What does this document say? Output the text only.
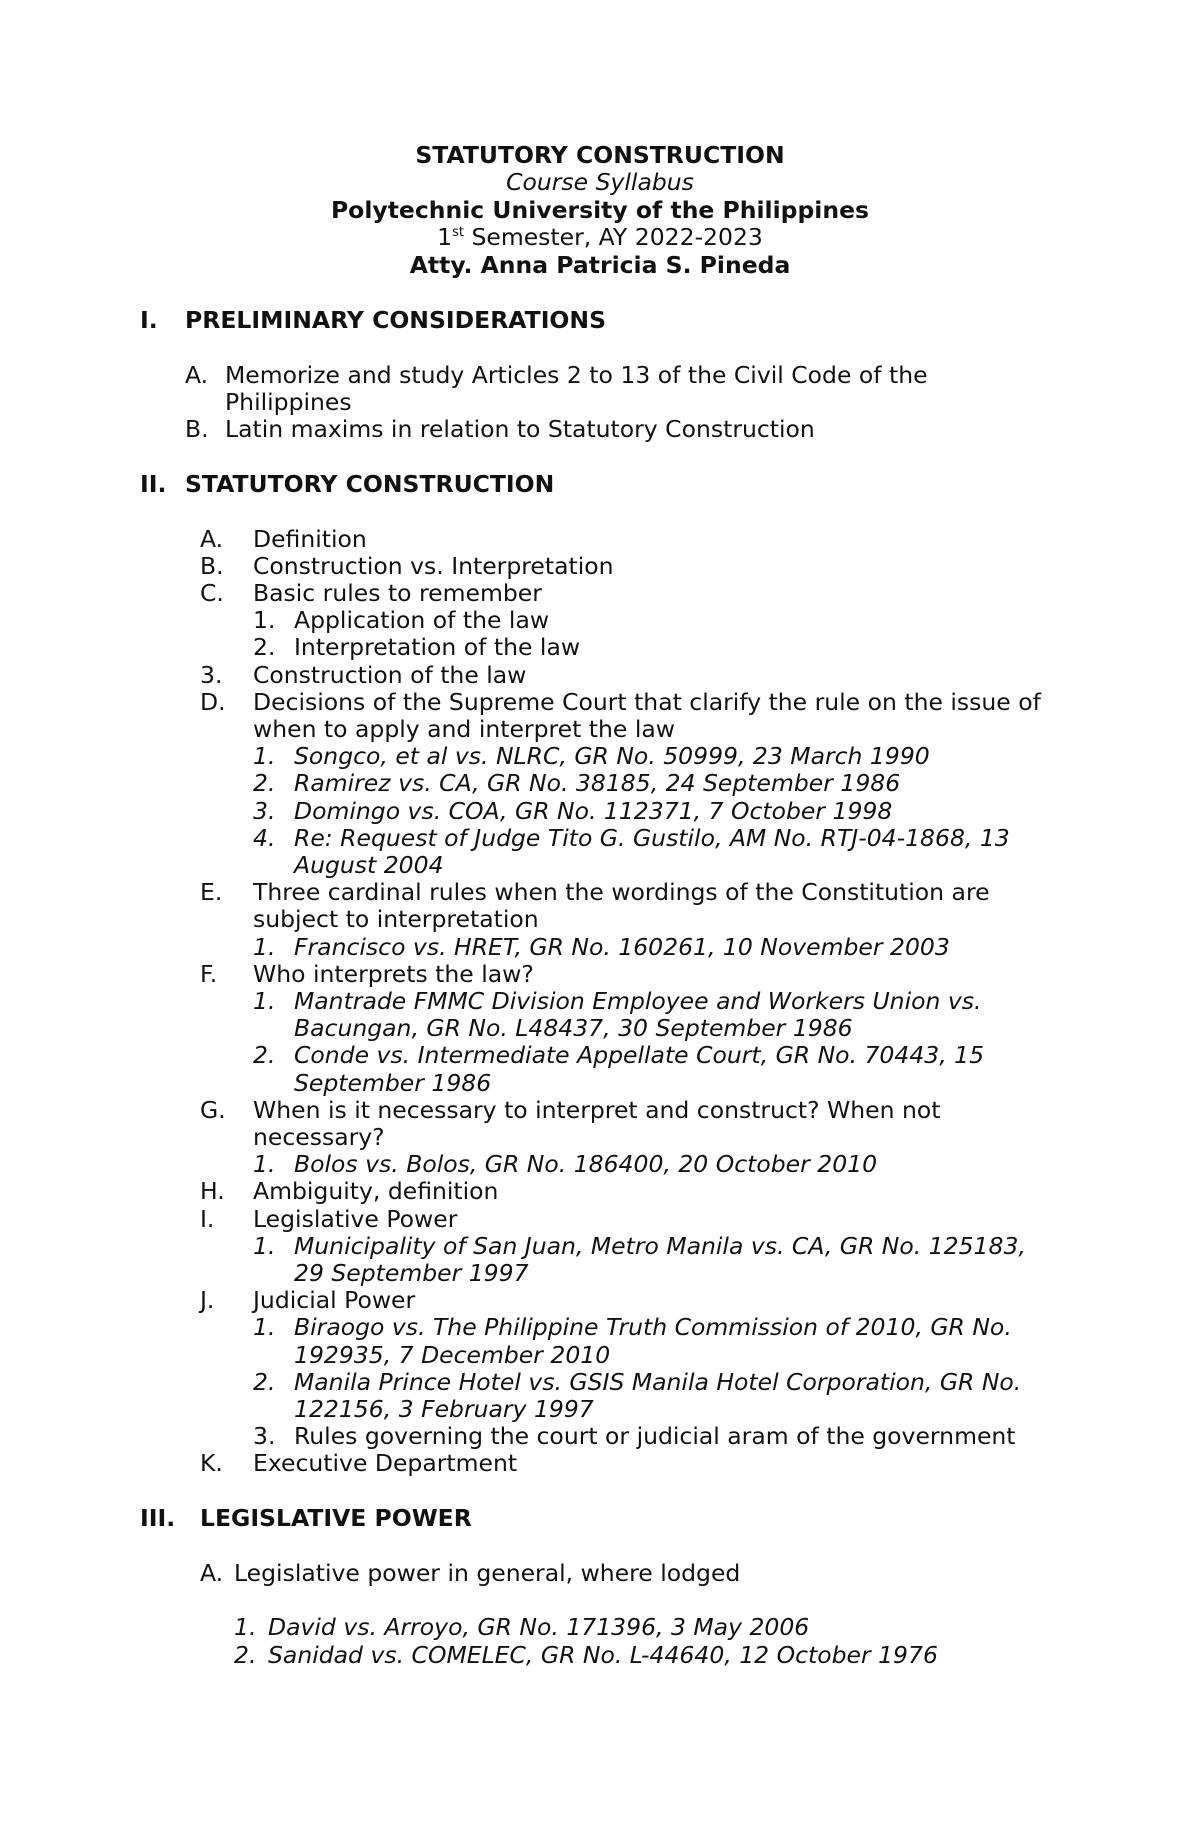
STATUTORY CONSTRUCTION
Course Syllabus
Polytechnic University of the Philippines
1st Semester, AY 2022-2023
Atty. Anna Patricia S. Pineda
I. PRELIMINARY CONSIDERATIONS
A. Memorize and study Articles 2 to 13 of the Civil Code of the
Philippines
B. Latin maxims in relation to Statutory Construction
II. STATUTORY CONSTRUCTION
A. Definition
B. Construction vs. Interpretation
C. Basic rules to remember
1. Application of the law
2. Interpretation of the law
3. Construction of the law
D. Decisions of the Supreme Court that clarify the rule on the issue of
when to apply and interpret the law
1. Songco, et al vs. NLRC, GR No. 50999, 23 March 1990
2. Ramirez vs. CA, GR No. 38185, 24 September 1986
3. Domingo vs. COA, GR No. 112371, 7 October 1998
4. Re: Request of Judge Tito G. Gustilo, AM No. RTJ-04-1868, 13
August 2004
E. Three cardinal rules when the wordings of the Constitution are
subject to interpretation
1. Francisco vs. HRET, GR No. 160261, 10 November 2003
F. Who interprets the law?
1. Mantrade FMMC Division Employee and Workers Union vs.
Bacungan, GR No. L48437, 30 September 1986
2. Conde vs. Intermediate Appellate Court, GR No. 70443, 15
September 1986
G. When is it necessary to interpret and construct? When not
necessary?
1. Bolos vs. Bolos, GR No. 186400, 20 October 2010
H. Ambiguity, definition
I. Legislative Power
1. Municipality of San Juan, Metro Manila vs. CA, GR No. 125183,
29 September 1997
J. Judicial Power
1. Biraogo vs. The Philippine Truth Commission of 2010, GR No.
192935, 7 December 2010
2. Manila Prince Hotel vs. GSIS Manila Hotel Corporation, GR No.
122156, 3 February 1997
3. Rules governing the court or judicial aram of the government
K. Executive Department
III. LEGISLATIVE POWER
A. Legislative power in general, where lodged
1. David vs. Arroyo, GR No. 171396, 3 May 2006
2. Sanidad vs. COMELEC, GR No. L-44640, 12 October 1976
